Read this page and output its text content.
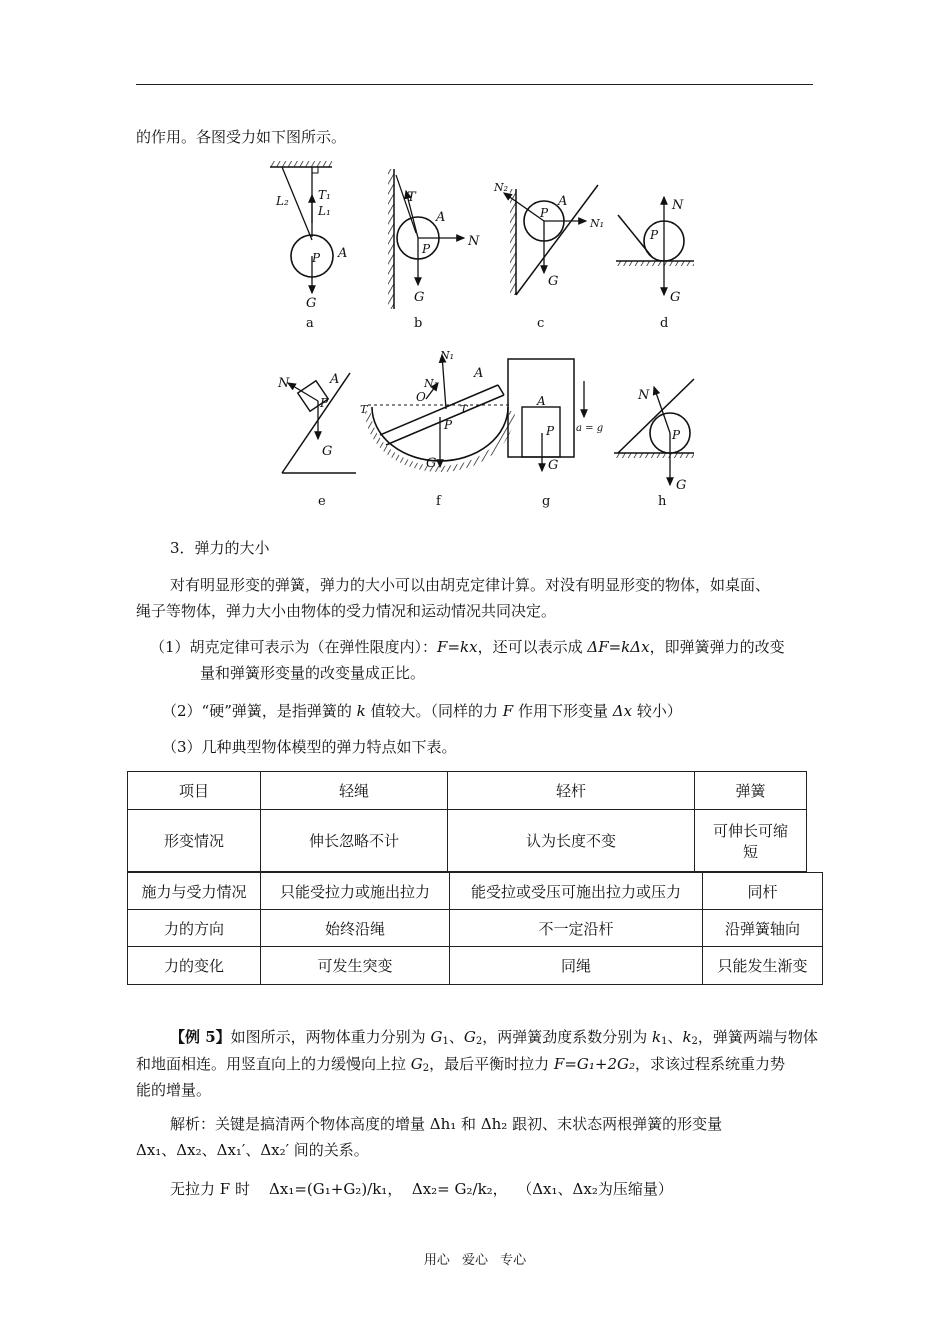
的作用。各图受力如下图所示。
L₂ T₁
L₁
P A
G
a
T
A
P	N
G
b
N₂
P
A
N₁
G
c
N
P
G
d
N	A
P
G
e
N₁
A
O
N₁
T	T
P
G
f
A
P
G
a = g
g
N
P
G
h
3．弹力的大小
对有明显形变的弹簧，弹力的大小可以由胡克定律计算。对没有明显形变的物体，如桌面、
绳子等物体，弹力大小由物体的受力情况和运动情况共同决定。
（1）胡克定律可表示为（在弹性限度内）：F=kx，还可以表示成 ΔF=kΔx，即弹簧弹力的改变
量和弹簧形变量的改变量成正比。
（2）“硬”弹簧，是指弹簧的 k 值较大。（同样的力 F 作用下形变量 Δx 较小）
（3）几种典型物体模型的弹力特点如下表。
项目	轻绳	轻杆	弹簧
形变情况	伸长忽略不计	认为长度不变	可伸长可缩
短
施力与受力情况	只能受拉力或施出拉力	能受拉或受压可施出拉力或压力	同杆
力的方向	始终沿绳	不一定沿杆	沿弹簧轴向
力的变化	可发生突变	同绳	只能发生渐变
【例 5】如图所示，两物体重力分别为 $G_1$、$G_2$，两弹簧劲度系数分别为 $k_1$、$k_2$，弹簧两端与物体
和地面相连。用竖直向上的力缓慢向上拉 $G_2$，最后平衡时拉力 F=G₁+2G₂，求该过程系统重力势
能的增量。
解析：关键是搞清两个物体高度的增量 Δh₁ 和 Δh₂ 跟初、末状态两根弹簧的形变量
Δx₁、Δx₂、Δx₁′、Δx₂′ 间的关系。
无拉力 F 时 Δx₁=(G₁+G₂)/k₁， Δx₂= G₂/k₂， （Δx₁、Δx₂为压缩量）
用心 爱心 专心
